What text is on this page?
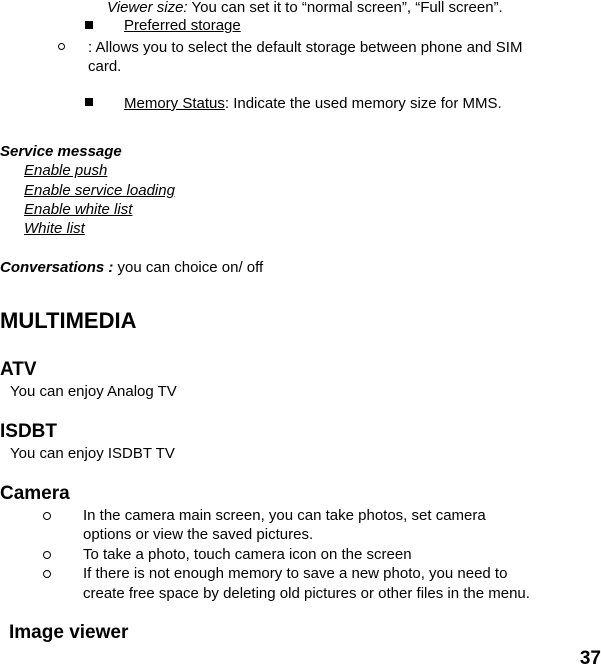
Viewer size: You can set it to “normal screen”, “Full screen”.
Preferred storage
: Allows you to select the default storage between phone and SIM
card.
Memory Status: Indicate the used memory size for MMS.
Service message
Enable push
Enable service loading
Enable white list
White list
Conversations : you can choice on/ off
MULTIMEDIA
ATV
You can enjoy Analog TV
ISDBT
You can enjoy ISDBT TV
Camera
In the camera main screen, you can take photos, set camera
options or view the saved pictures.
To take a photo, touch camera icon on the screen
If there is not enough memory to save a new photo, you need to
create free space by deleting old pictures or other files in the menu.
Image viewer
37
